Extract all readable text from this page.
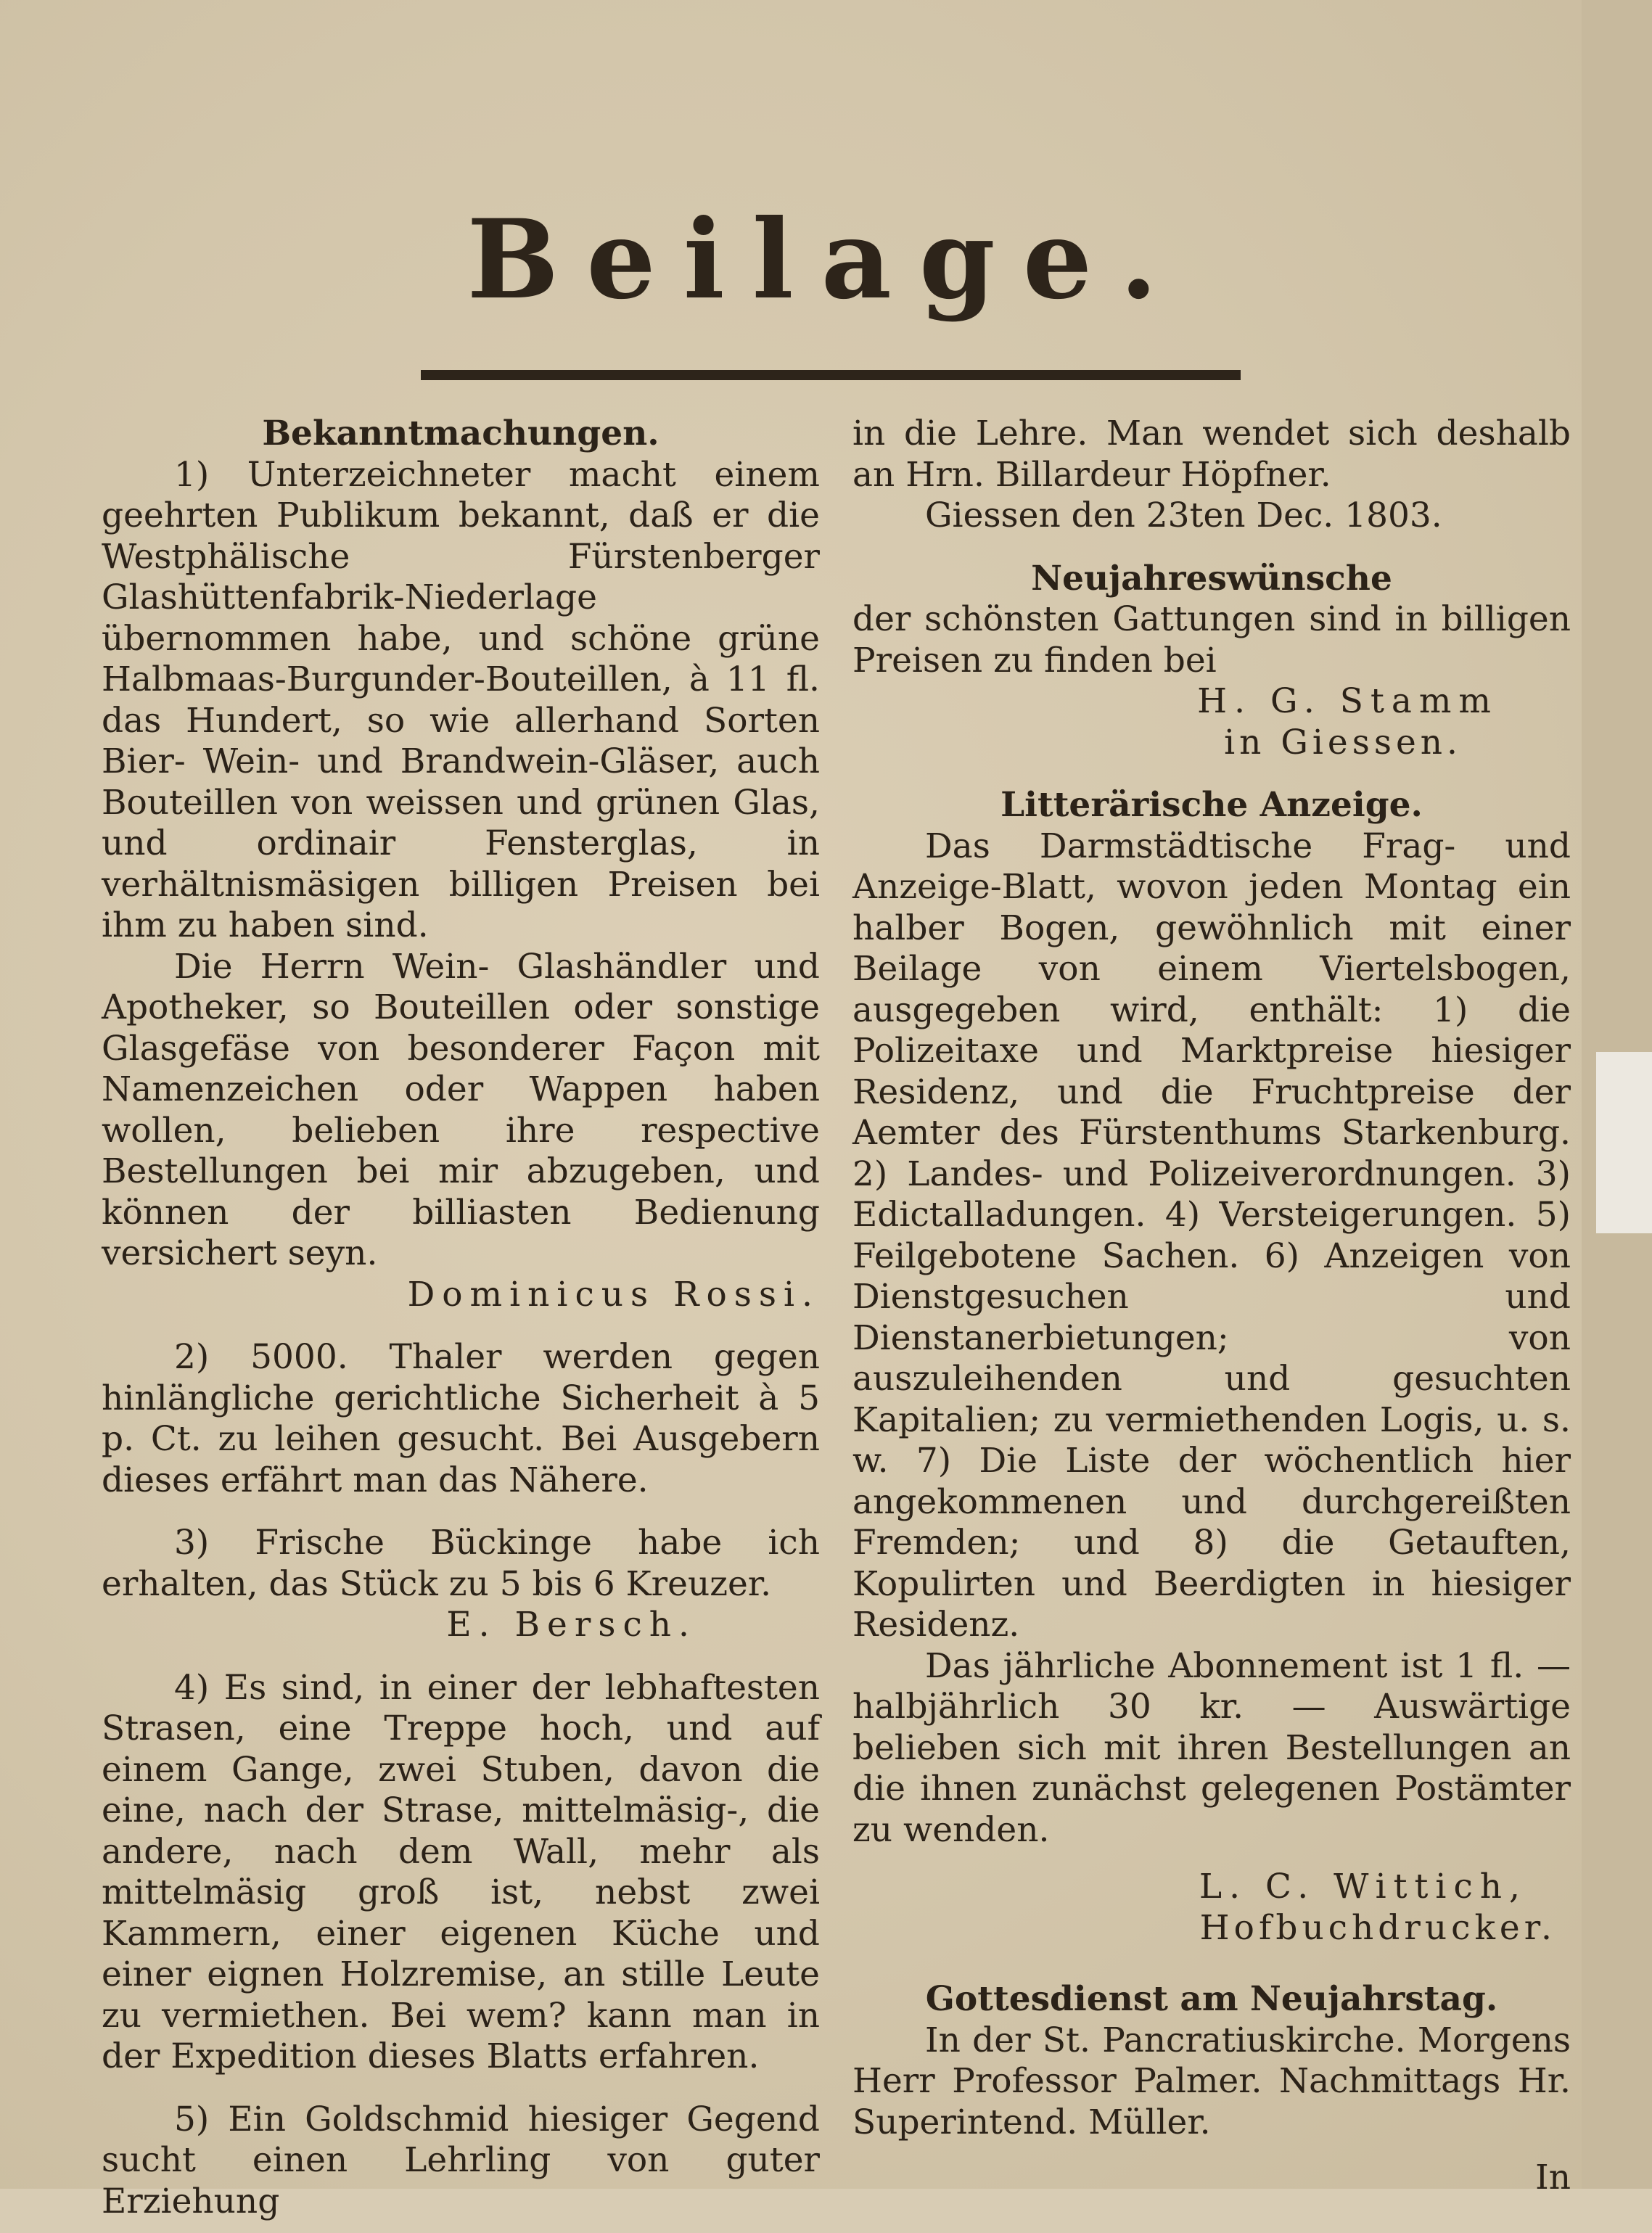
Beilage.

Bekanntmachungen.

1) Unterzeichneter macht einem geehrten Publikum bekannt, daß er die Westphälische Fürstenberger Glashüttenfabrik-Niederlage übernommen habe, und schöne grüne Halbmaas-Burgunder-Bouteillen, à 11 fl. das Hundert, so wie allerhand Sorten Bier- Wein- und Brandwein-Gläser, auch Bouteillen von weissen und grünen Glas, und ordinair Fensterglas, in verhältnismäsigen billigen Preisen bei ihm zu haben sind.

Die Herrn Wein- Glashändler und Apotheker, so Bouteillen oder sonstige Glasgefäse von besonderer Façon mit Namenzeichen oder Wappen haben wollen, belieben ihre respective Bestellungen bei mir abzugeben, und können der billiasten Bedienung versichert seyn.

Dominicus Rossi.

2) 5000. Thaler werden gegen hinlängliche gerichtliche Sicherheit à 5 p. Ct. zu leihen gesucht. Bei Ausgebern dieses erfährt man das Nähere.

3) Frische Bückinge habe ich erhalten, das Stück zu 5 bis 6 Kreuzer.

E. Bersch.

4) Es sind, in einer der lebhaftesten Strasen, eine Treppe hoch, und auf einem Gange, zwei Stuben, davon die eine, nach der Strase, mittelmäsig-, die andere, nach dem Wall, mehr als mittelmäsig groß ist, nebst zwei Kammern, einer eigenen Küche und einer eignen Holzremise, an stille Leute zu vermiethen. Bei wem? kann man in der Expedition dieses Blatts erfahren.

5) Ein Goldschmid hiesiger Gegend sucht einen Lehrling von guter Erziehung

in die Lehre. Man wendet sich deshalb an Hrn. Billardeur Höpfner.

Giessen den 23ten Dec. 1803.

Neujahreswünsche

der schönsten Gattungen sind in billigen Preisen zu finden bei

H. G. Stamm

in Giessen.

Litterärische Anzeige.

Das Darmstädtische Frag- und Anzeige-Blatt, wovon jeden Montag ein halber Bogen, gewöhnlich mit einer Beilage von einem Viertelsbogen, ausgegeben wird, enthält: 1) die Polizeitaxe und Marktpreise hiesiger Residenz, und die Fruchtpreise der Aemter des Fürstenthums Starkenburg. 2) Landes- und Polizeiverordnungen. 3) Edictalladungen. 4) Versteigerungen. 5) Feilgebotene Sachen. 6) Anzeigen von Dienstgesuchen und Dienstanerbietungen; von auszuleihenden und gesuchten Kapitalien; zu vermiethenden Logis, u. s. w. 7) Die Liste der wöchentlich hier angekommenen und durchgereißten Fremden; und 8) die Getauften, Kopulirten und Beerdigten in hiesiger Residenz.

Das jährliche Abonnement ist 1 fl. — halbjährlich 30 kr. — Auswärtige belieben sich mit ihren Bestellungen an die ihnen zunächst gelegenen Postämter zu wenden.

L. C. Wittich,

Hofbuchdrucker.

Gottesdienst am Neujahrstag.

In der St. Pancratiuskirche. Morgens Herr Professor Palmer. Nachmittags Hr. Superintend. Müller.

In
